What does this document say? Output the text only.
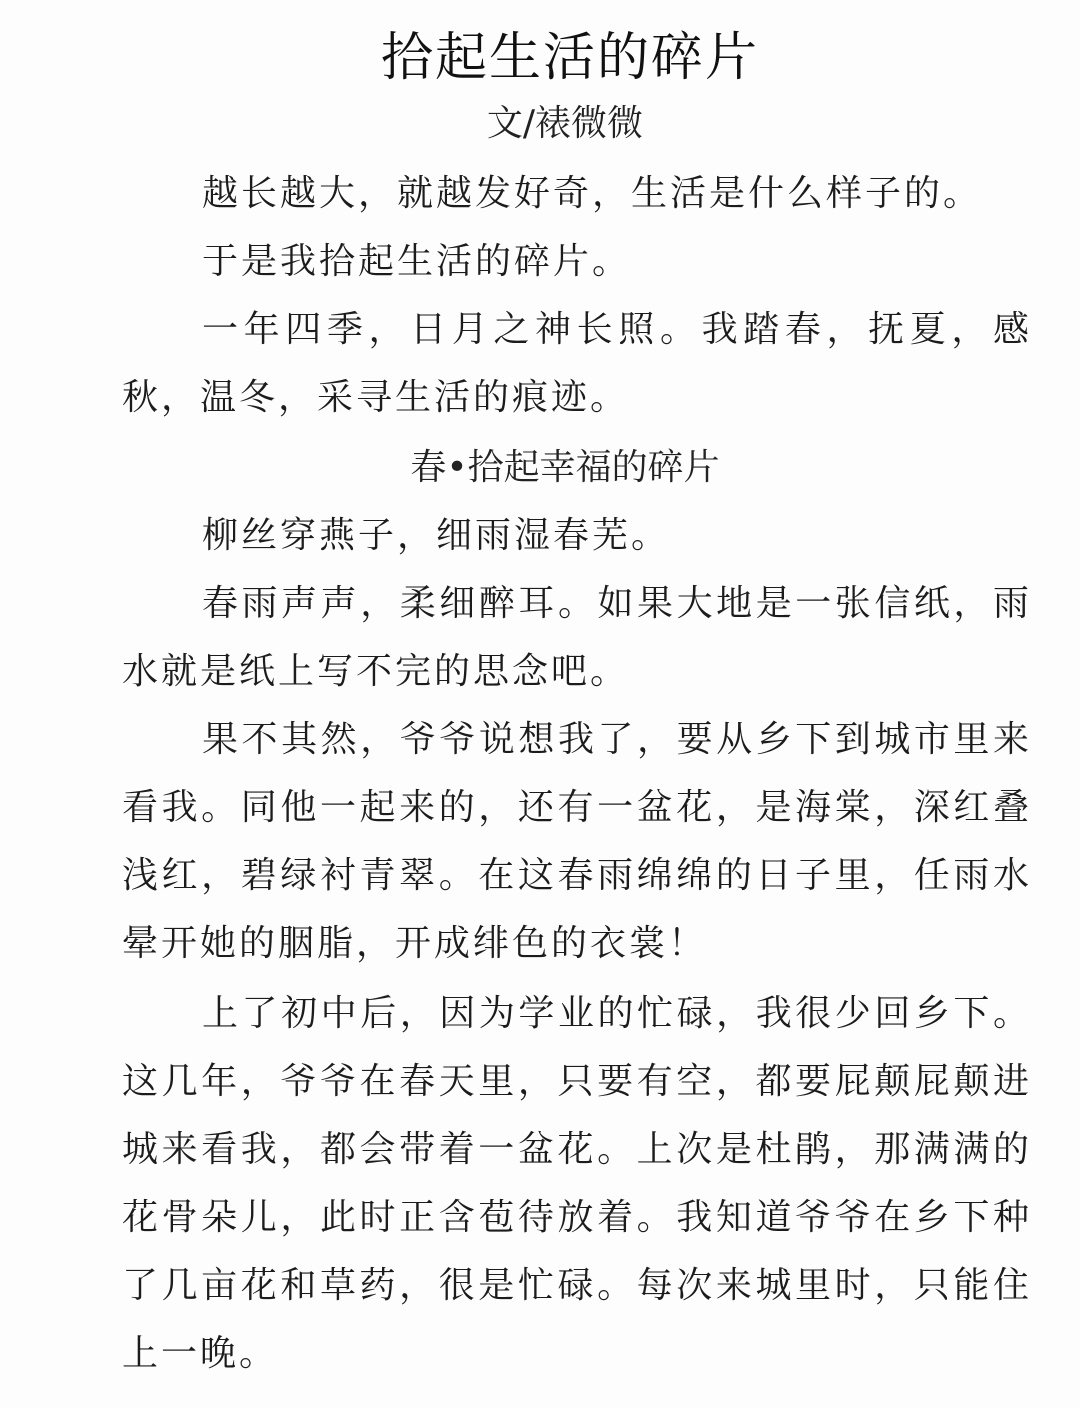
拾起生活的碎片
文/裱微微

越长越大，就越发好奇，生活是什么样子的。

于是我拾起生活的碎片。

一年四季，日月之神长照。我踏春，抚夏，感秋，温冬，采寻生活的痕迹。

春•拾起幸福的碎片

柳丝穿燕子，细雨湿春芜。

春雨声声，柔细醉耳。如果大地是一张信纸，雨水就是纸上写不完的思念吧。

果不其然，爷爷说想我了，要从乡下到城市里来看我。同他一起来的，还有一盆花，是海棠，深红叠浅红，碧绿衬青翠。在这春雨绵绵的日子里，任雨水晕开她的胭脂，开成绯色的衣裳！

上了初中后，因为学业的忙碌，我很少回乡下。这几年，爷爷在春天里，只要有空，都要屁颠屁颠进城来看我，都会带着一盆花。上次是杜鹃，那满满的花骨朵儿，此时正含苞待放着。我知道爷爷在乡下种了几亩花和草药，很是忙碌。每次来城里时，只能住上一晚。
